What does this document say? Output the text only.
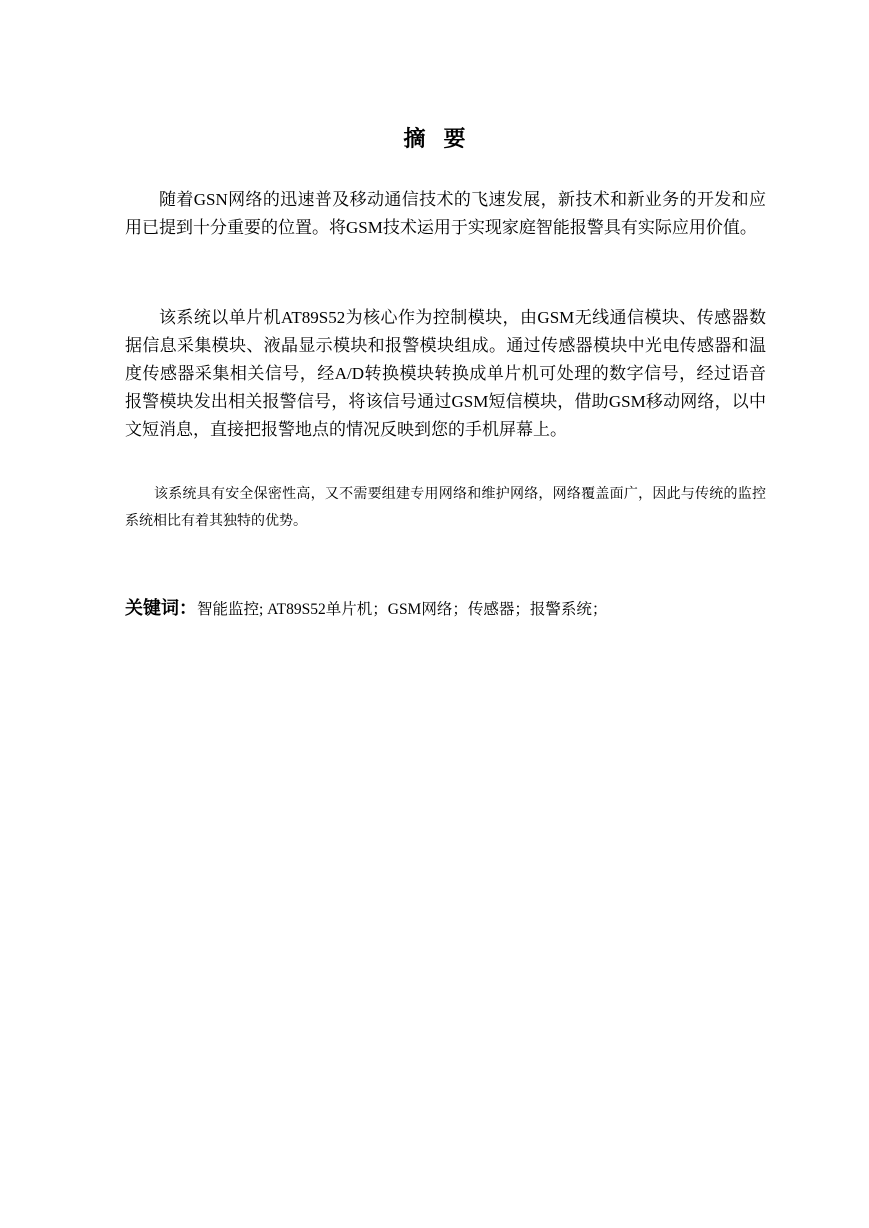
摘要

随着GSN网络的迅速普及移动通信技术的飞速发展，新技术和新业务的开发和应用已提到十分重要的位置。将GSM技术运用于实现家庭智能报警具有实际应用价值。

该系统以单片机AT89S52为核心作为控制模块，由GSM无线通信模块、传感器数据信息采集模块、液晶显示模块和报警模块组成。通过传感器模块中光电传感器和温度传感器采集相关信号，经A/D转换模块转换成单片机可处理的数字信号，经过语音报警模块发出相关报警信号，将该信号通过GSM短信模块，借助GSM移动网络，以中文短消息，直接把报警地点的情况反映到您的手机屏幕上。

该系统具有安全保密性高，又不需要组建专用网络和维护网络，网络覆盖面广，因此与传统的监控系统相比有着其独特的优势。

关键词：智能监控; AT89S52单片机；GSM网络；传感器；报警系统；
